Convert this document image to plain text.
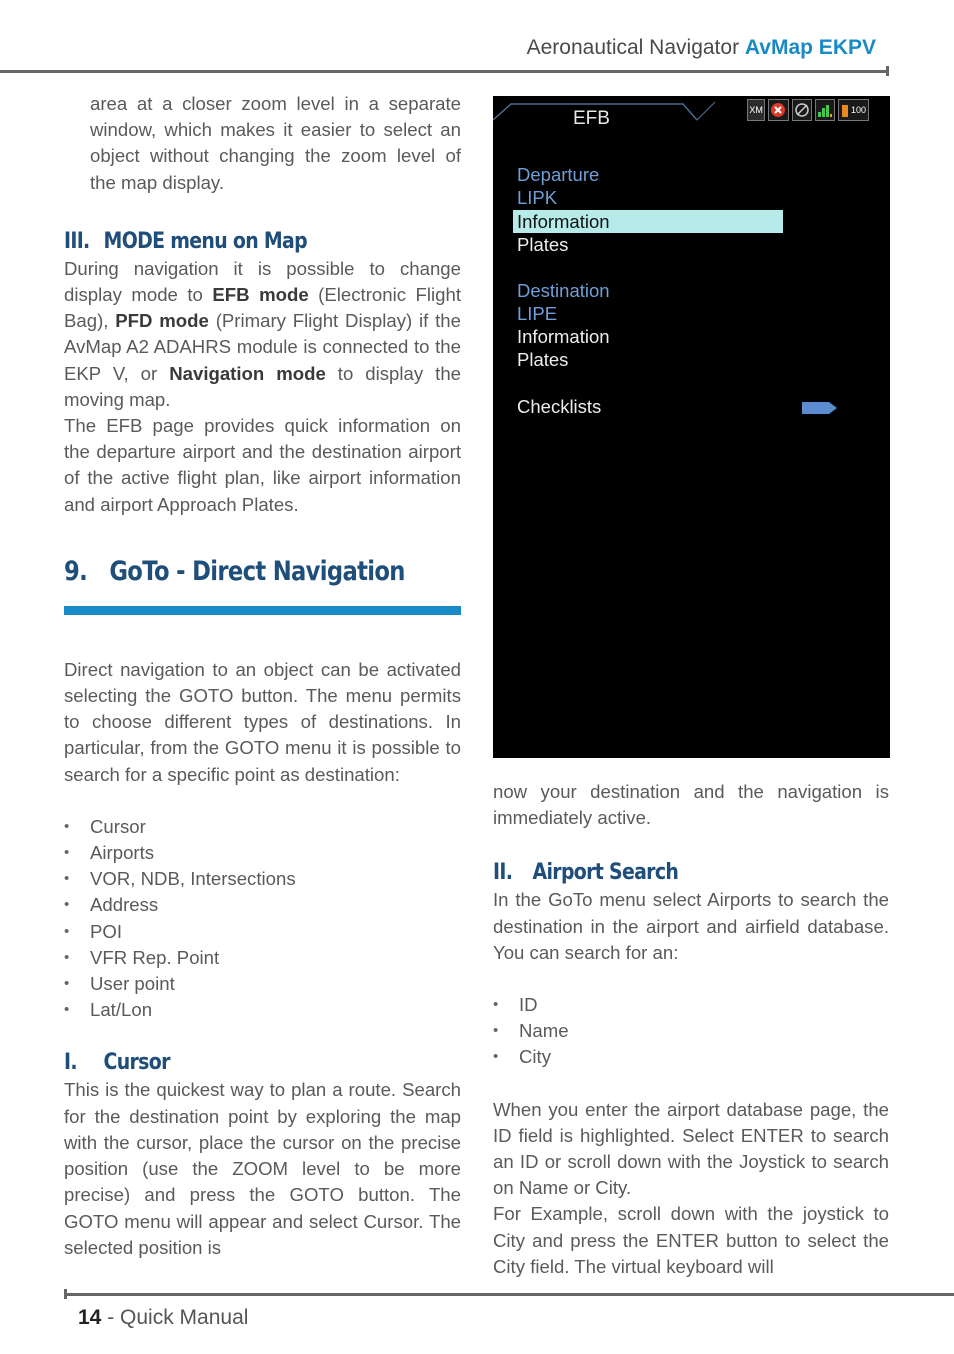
Aeronautical Navigator AvMap EKPV

area at a closer zoom level in a separate window, which makes it easier to select an object without changing the zoom level of the map display.

III. MODE menu on Map

During navigation it is possible to change display mode to EFB mode (Electronic Flight Bag), PFD mode (Primary Flight Display) if the AvMap A2 ADAHRS module is connected to the EKP V, or Navigation mode to display the moving map.

The EFB page provides quick information on the departure airport and the destination airport of the active flight plan, like airport information and airport Approach Plates.

9. GoTo - Direct Navigation

Direct navigation to an object can be activated selecting the GOTO button. The menu permits to choose different types of destinations. In particular, from the GOTO menu it is possible to search for a specific point as destination:

• Cursor
• Airports
• VOR, NDB, Intersections
• Address
• POI
• VFR Rep. Point
• User point
• Lat/Lon
I. Cursor

This is the quickest way to plan a route. Search for the destination point by exploring the map with the cursor, place the cursor on the precise position (use the ZOOM level to be more precise) and press the GOTO button. The GOTO menu will appear and select Cursor. The selected position is

EFB	XM	100
Departure
LIPK
Information
Plates
Destination
LIPE
Information
Plates
Checklists

now your destination and the navigation is immediately active.

II. Airport Search

In the GoTo menu select Airports to search the destination in the airport and airfield database. You can search for an:

• ID
• Name
• City

When you enter the airport database page, the ID field is highlighted. Select ENTER to search an ID or scroll down with the Joystick to search on Name or City.

For Example, scroll down with the joystick to City and press the ENTER button to select the City field. The virtual keyboard will

14 - Quick Manual
